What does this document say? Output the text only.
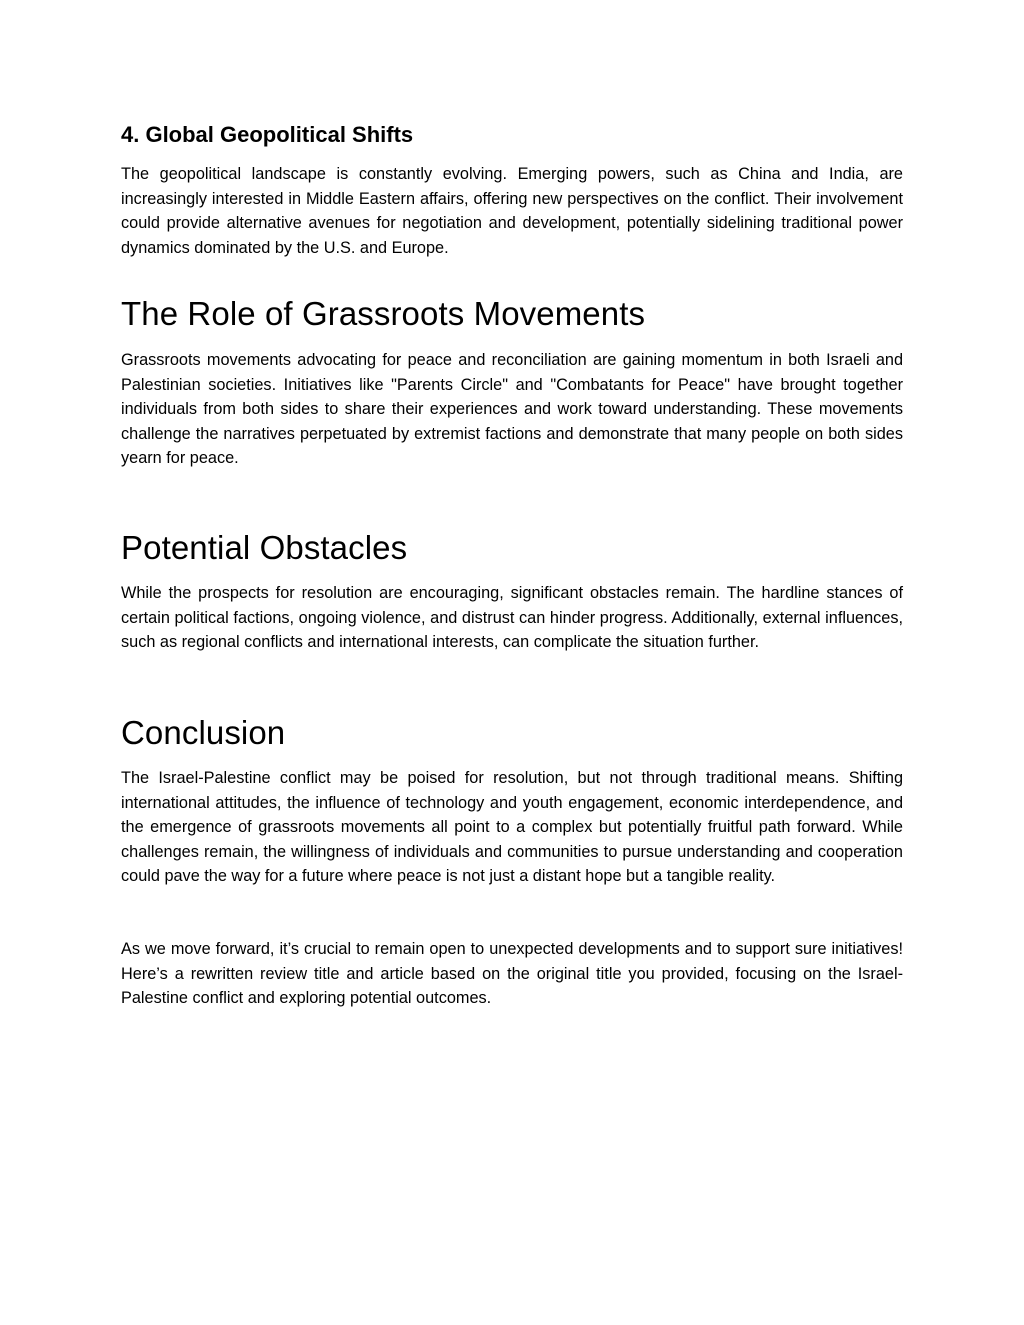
4. Global Geopolitical Shifts

The geopolitical landscape is constantly evolving. Emerging powers, such as China and India, are increasingly interested in Middle Eastern affairs, offering new perspectives on the conflict. Their involvement could provide alternative avenues for negotiation and development, potentially sidelining traditional power dynamics dominated by the U.S. and Europe.

The Role of Grassroots Movements

Grassroots movements advocating for peace and reconciliation are gaining momentum in both Israeli and Palestinian societies. Initiatives like "Parents Circle" and "Combatants for Peace" have brought together individuals from both sides to share their experiences and work toward understanding. These movements challenge the narratives perpetuated by extremist factions and demonstrate that many people on both sides yearn for peace.

Potential Obstacles

While the prospects for resolution are encouraging, significant obstacles remain. The hardline stances of certain political factions, ongoing violence, and distrust can hinder progress. Additionally, external influences, such as regional conflicts and international interests, can complicate the situation further.

Conclusion

The Israel-Palestine conflict may be poised for resolution, but not through traditional means. Shifting international attitudes, the influence of technology and youth engagement, economic interdependence, and the emergence of grassroots movements all point to a complex but potentially fruitful path forward. While challenges remain, the willingness of individuals and communities to pursue understanding and cooperation could pave the way for a future where peace is not just a distant hope but a tangible reality.

As we move forward, it’s crucial to remain open to unexpected developments and to support sure initiatives! Here’s a rewritten review title and article based on the original title you provided, focusing on the Israel-Palestine conflict and exploring potential outcomes.
